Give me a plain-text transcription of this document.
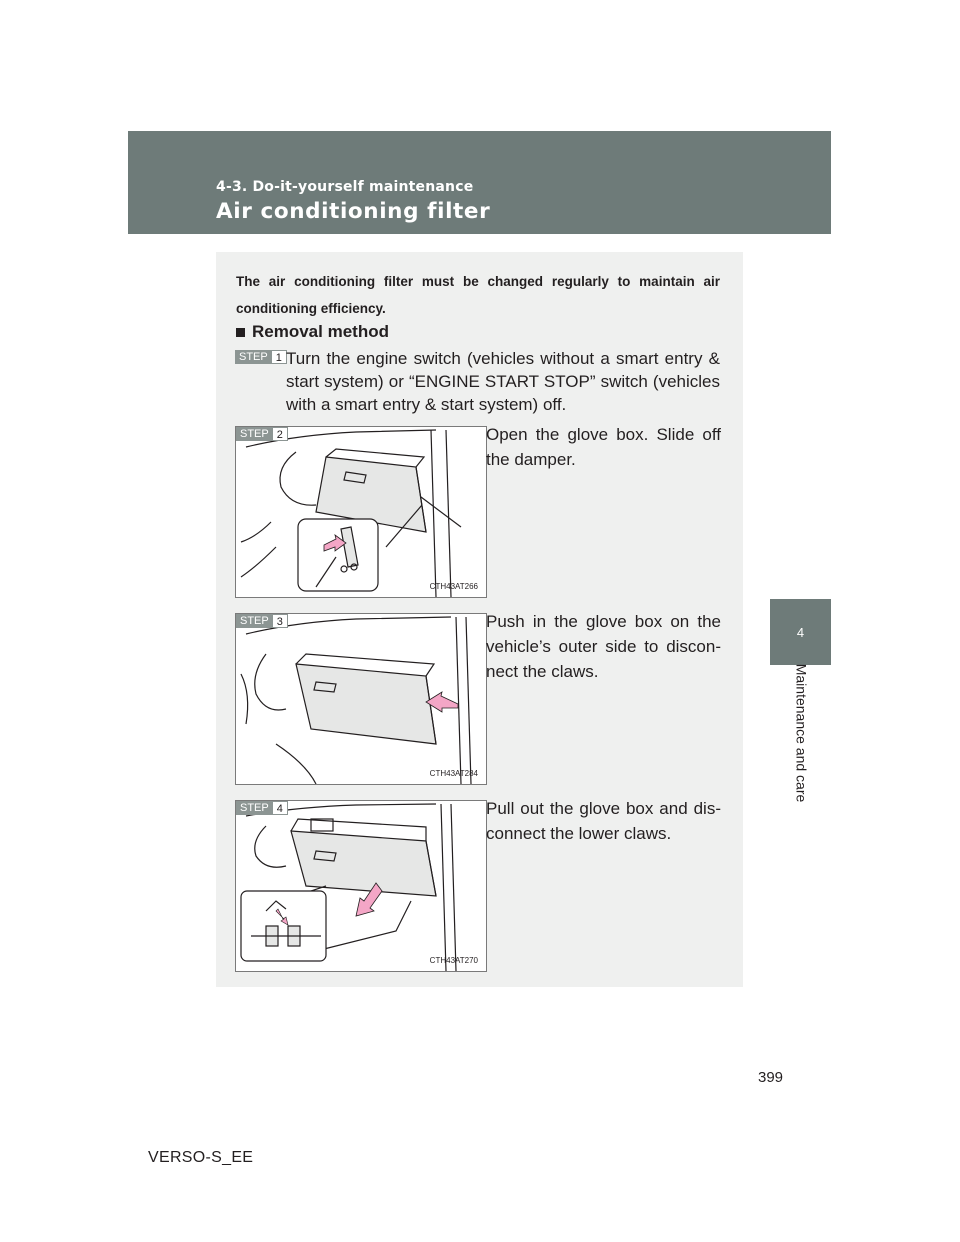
4-3. Do-it-yourself maintenance
Air conditioning filter
4
Maintenance and care
The air conditioning filter must be changed regularly to maintain air conditioning efficiency.
Removal method
STEP 1 Turn the engine switch (vehicles without a smart entry & start system) or “ENGINE START STOP” switch (vehicles with a smart entry & start system) off.
STEP 2
CTH43AT266
Open the glove box. Slide off the damper.
STEP 3
CTH43AT284
Push in the glove box on the vehicle’s outer side to discon-nect the claws.
STEP 4
CTH43AT270
Pull out the glove box and dis-connect the lower claws.
399
VERSO-S_EE
